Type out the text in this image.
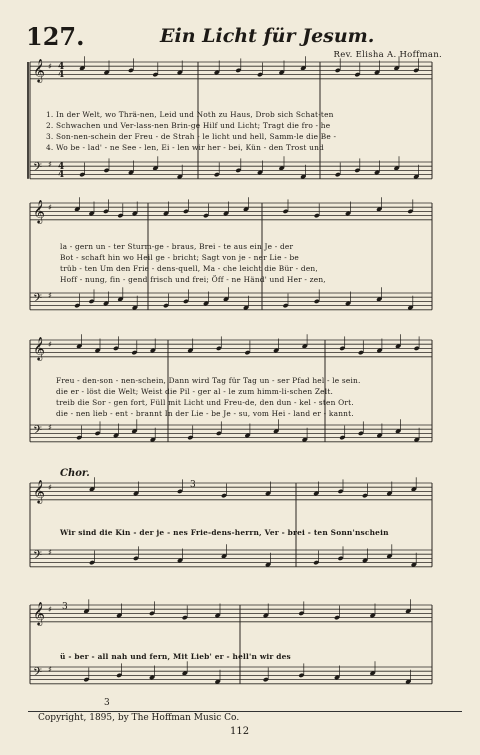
127.	Ein Licht für Jesum.
Rev. Elisha A. Hoffman.
𝄞
𝄢
♯
♯
4
4
4
4
𝄞
𝄢
♯
♯
𝄞
𝄢
♯
♯
𝄞
𝄢
♯
♯
𝄞
𝄢
♯
♯
3
3
3
1. In der Welt, wo Thrä-nen, Leid und Noth zu Haus, Drob sich Schat-ten
2. Schwachen und Ver-lass-nen Brin-ge Hilf und Licht; Tragt die fro - he
3. Son-nen-schein der Freu - de Strah - le licht und hell, Samm-le die Be -
4. Wo be - lad' - ne See - len, Ei - len wir her - bei, Kün - den Trost und
la - gern un - ter Sturm-ge - braus, Brei - te aus ein Je - der
Bot - schaft hin wo Heil ge - bricht; Sagt von je - ner Lie - be
trüb - ten Um den Frie - dens-quell, Ma - che leicht die Bür - den,
Hoff - nung, fin - gend frisch und frei; Öff - ne Händ' und Her - zen,
Freu - den-son - nen-schein, Dann wird Tag für Tag un - ser Pfad hel - le sein.
die er - löst die Welt; Weist die Pil - ger al - le zum himm-li-schen Zelt.
treib die Sor - gen fort, Füll mit Licht und Freu-de, den dun - kel - sten Ort.
die - nen lieb - ent - brannt In der Lie - be Je - su, vom Hei - land er - kannt.
Chor.
Wir sind die Kin - der je - nes Frie-dens-herrn, Ver - brei - ten Sonn'nschein
ü - ber - all nah und fern, Mit Lieb' er - hell'n wir des
Copyright, 1895, by The Hoffman Music Co.
112
